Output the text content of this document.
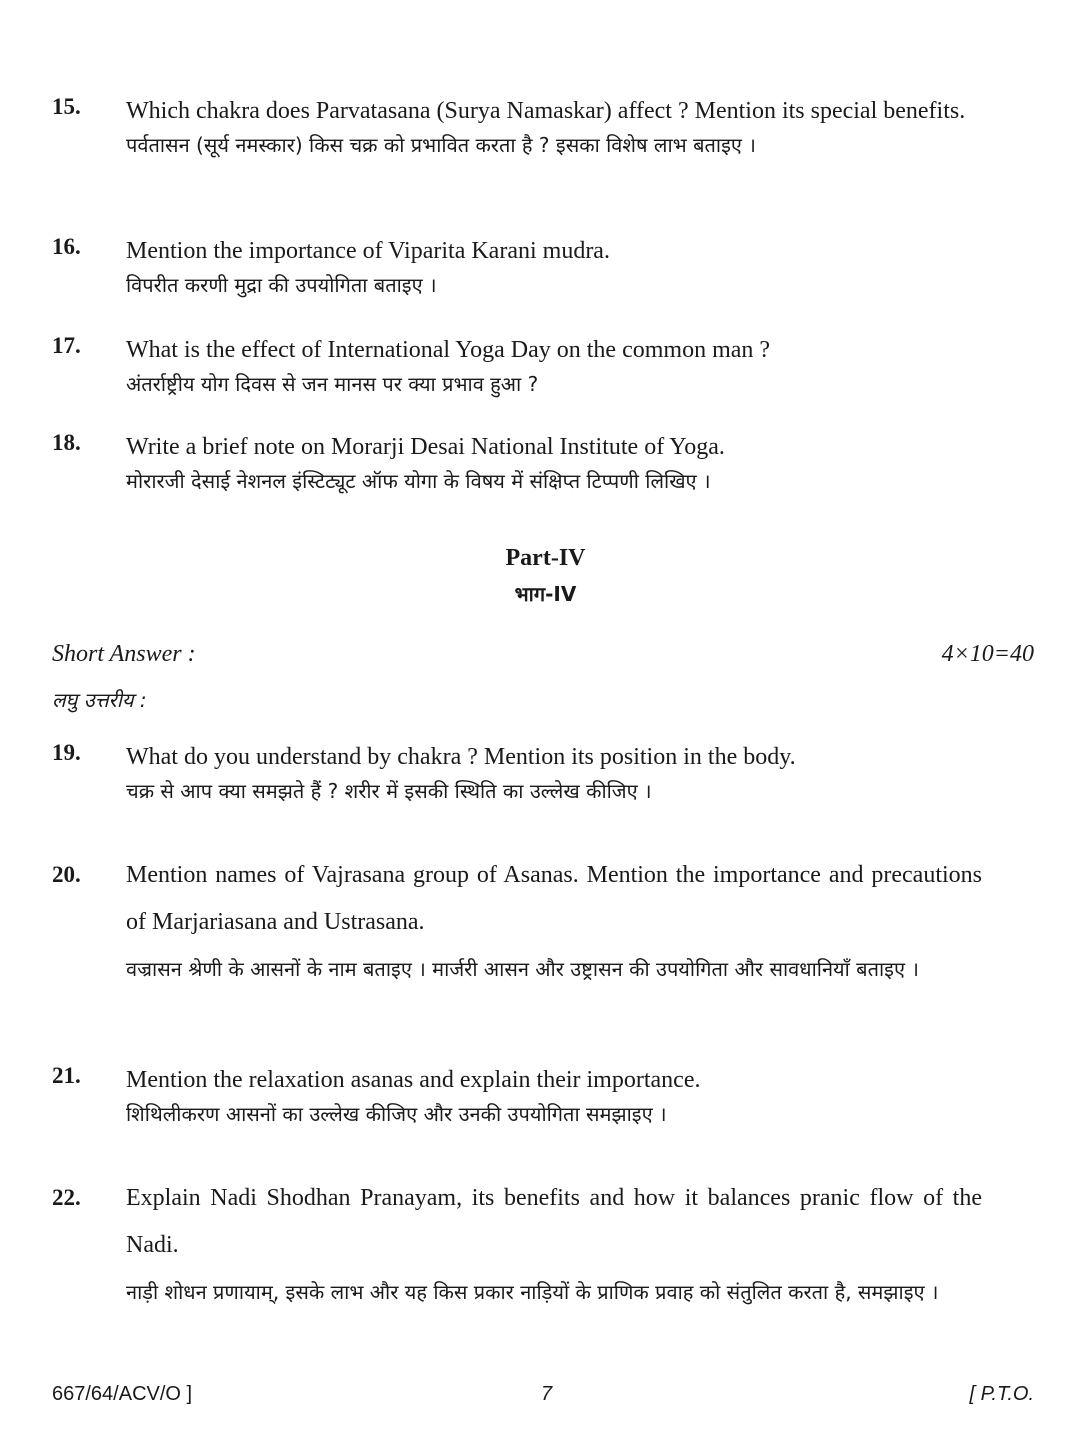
15. Which chakra does Parvatasana (Surya Namaskar) affect ? Mention its special benefits.
पर्वतासन (सूर्य नमस्कार) किस चक्र को प्रभावित करता है ? इसका विशेष लाभ बताइए ।
16. Mention the importance of Viparita Karani mudra.
विपरीत करणी मुद्रा की उपयोगिता बताइए ।
17. What is the effect of International Yoga Day on the common man ?
अंतर्राष्ट्रीय योग दिवस से जन मानस पर क्या प्रभाव हुआ ?
18. Write a brief note on Morarji Desai National Institute of Yoga.
मोरारजी देसाई नेशनल इंस्टिट्यूट ऑफ योगा के विषय में संक्षिप्त टिप्पणी लिखिए ।
Part-IV
भाग-IV
Short Answer :	4×10=40
लघु उत्तरीय :
19. What do you understand by chakra ? Mention its position in the body.
चक्र से आप क्या समझते हैं ? शरीर में इसकी स्थिति का उल्लेख कीजिए ।
20. Mention names of Vajrasana group of Asanas. Mention the importance and precautions of Marjariasana and Ustrasana.
वज्रासन श्रेणी के आसनों के नाम बताइए । मार्जरी आसन और उष्ट्रासन की उपयोगिता और सावधानियाँ बताइए ।
21. Mention the relaxation asanas and explain their importance.
शिथिलीकरण आसनों का उल्लेख कीजिए और उनकी उपयोगिता समझाइए ।
22. Explain Nadi Shodhan Pranayam, its benefits and how it balances pranic flow of the Nadi.
नाड़ी शोधन प्रणायाम्, इसके लाभ और यह किस प्रकार नाड़ियों के प्राणिक प्रवाह को संतुलित करता है, समझाइए ।
667/64/ACV/O ]	7	[ P.T.O.
